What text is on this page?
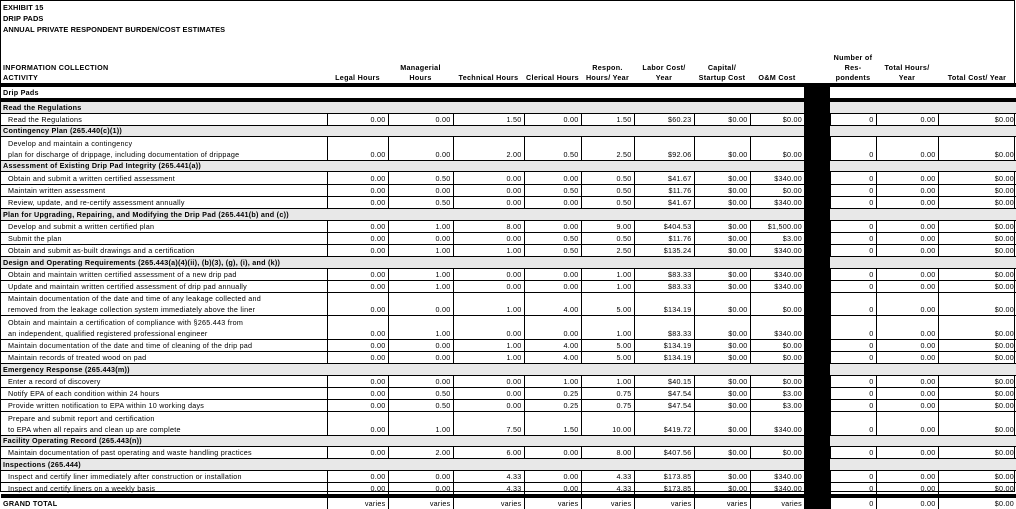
EXHIBIT 15
DRIP PADS
ANNUAL PRIVATE RESPONDENT BURDEN/COST ESTIMATES
INFORMATION COLLECTION
ACTIVITY	Legal Hours	Managerial Hours	Technical Hours	Clerical Hours	Respon. Hours/ Year	Labor Cost/ Year	Capital/ Startup Cost	O&M Cost		Number of Res- pondents	Total Hours/ Year	Total Cost/ Year
Drip Pads												
Read the Regulations												
Read the Regulations	0.00	0.00	1.50	0.00	1.50	$60.23	$0.00	$0.00		0	0.00	$0.00
Contingency Plan (265.440(c)(1))												
Develop and maintain a contingency												
plan for discharge of drippage, including documentation of drippage	0.00	0.00	2.00	0.50	2.50	$92.06	$0.00	$0.00		0	0.00	$0.00
Assessment of Existing Drip Pad Integrity (265.441(a))												
Obtain and submit a written certified assessment	0.00	0.50	0.00	0.00	0.50	$41.67	$0.00	$340.00		0	0.00	$0.00
Maintain written assessment	0.00	0.00	0.00	0.50	0.50	$11.76	$0.00	$0.00		0	0.00	$0.00
Review, update, and re-certify assessment annually	0.00	0.50	0.00	0.00	0.50	$41.67	$0.00	$340.00		0	0.00	$0.00
Plan for Upgrading, Repairing, and Modifying the Drip Pad (265.441(b) and (c))												
Develop and submit a written certified plan	0.00	1.00	8.00	0.00	9.00	$404.53	$0.00	$1,500.00		0	0.00	$0.00
Submit the plan	0.00	0.00	0.00	0.50	0.50	$11.76	$0.00	$3.00		0	0.00	$0.00
Obtain and submit as-built drawings and a certification	0.00	1.00	1.00	0.50	2.50	$135.24	$0.00	$340.00		0	0.00	$0.00
Design and Operating Requirements (265.443(a)(4)(ii), (b)(3), (g), (i), and (k))												
Obtain and maintain written certified assessment of a new drip pad	0.00	1.00	0.00	0.00	1.00	$83.33	$0.00	$340.00		0	0.00	$0.00
Update and maintain written certified assessment of drip pad annually	0.00	1.00	0.00	0.00	1.00	$83.33	$0.00	$340.00		0	0.00	$0.00
Maintain documentation of the date and time of any leakage collected and												
removed from the leakage collection system immediately above the liner	0.00	0.00	1.00	4.00	5.00	$134.19	$0.00	$0.00		0	0.00	$0.00
Obtain and maintain a certification of compliance with §265.443 from												
an independent, qualified registered professional engineer	0.00	1.00	0.00	0.00	1.00	$83.33	$0.00	$340.00		0	0.00	$0.00
Maintain documentation of the date and time of cleaning of the drip pad	0.00	0.00	1.00	4.00	5.00	$134.19	$0.00	$0.00		0	0.00	$0.00
Maintain records of treated wood on pad	0.00	0.00	1.00	4.00	5.00	$134.19	$0.00	$0.00		0	0.00	$0.00
Emergency Response (265.443(m))												
Enter a record of discovery	0.00	0.00	0.00	1.00	1.00	$40.15	$0.00	$0.00		0	0.00	$0.00
Notify EPA of each condition within 24 hours	0.00	0.50	0.00	0.25	0.75	$47.54	$0.00	$3.00		0	0.00	$0.00
Provide written notification to EPA within 10 working days	0.00	0.50	0.00	0.25	0.75	$47.54	$0.00	$3.00		0	0.00	$0.00
Prepare and submit report and certification												
to EPA when all repairs and clean up are complete	0.00	1.00	7.50	1.50	10.00	$419.72	$0.00	$340.00		0	0.00	$0.00
Facility Operating Record (265.443(n))												
Maintain documentation of past operating and waste handling practices	0.00	2.00	6.00	0.00	8.00	$407.56	$0.00	$0.00		0	0.00	$0.00
Inspections (265.444)												
Inspect and certify liner immediately after construction or installation	0.00	0.00	4.33	0.00	4.33	$173.85	$0.00	$340.00		0	0.00	$0.00
Inspect and certify liners on a weekly basis	0.00	0.00	4.33	0.00	4.33	$173.85	$0.00	$340.00		0	0.00	$0.00
GRAND TOTAL	varies	varies	varies	varies	varies	varies	varies	varies		0	0.00	$0.00
